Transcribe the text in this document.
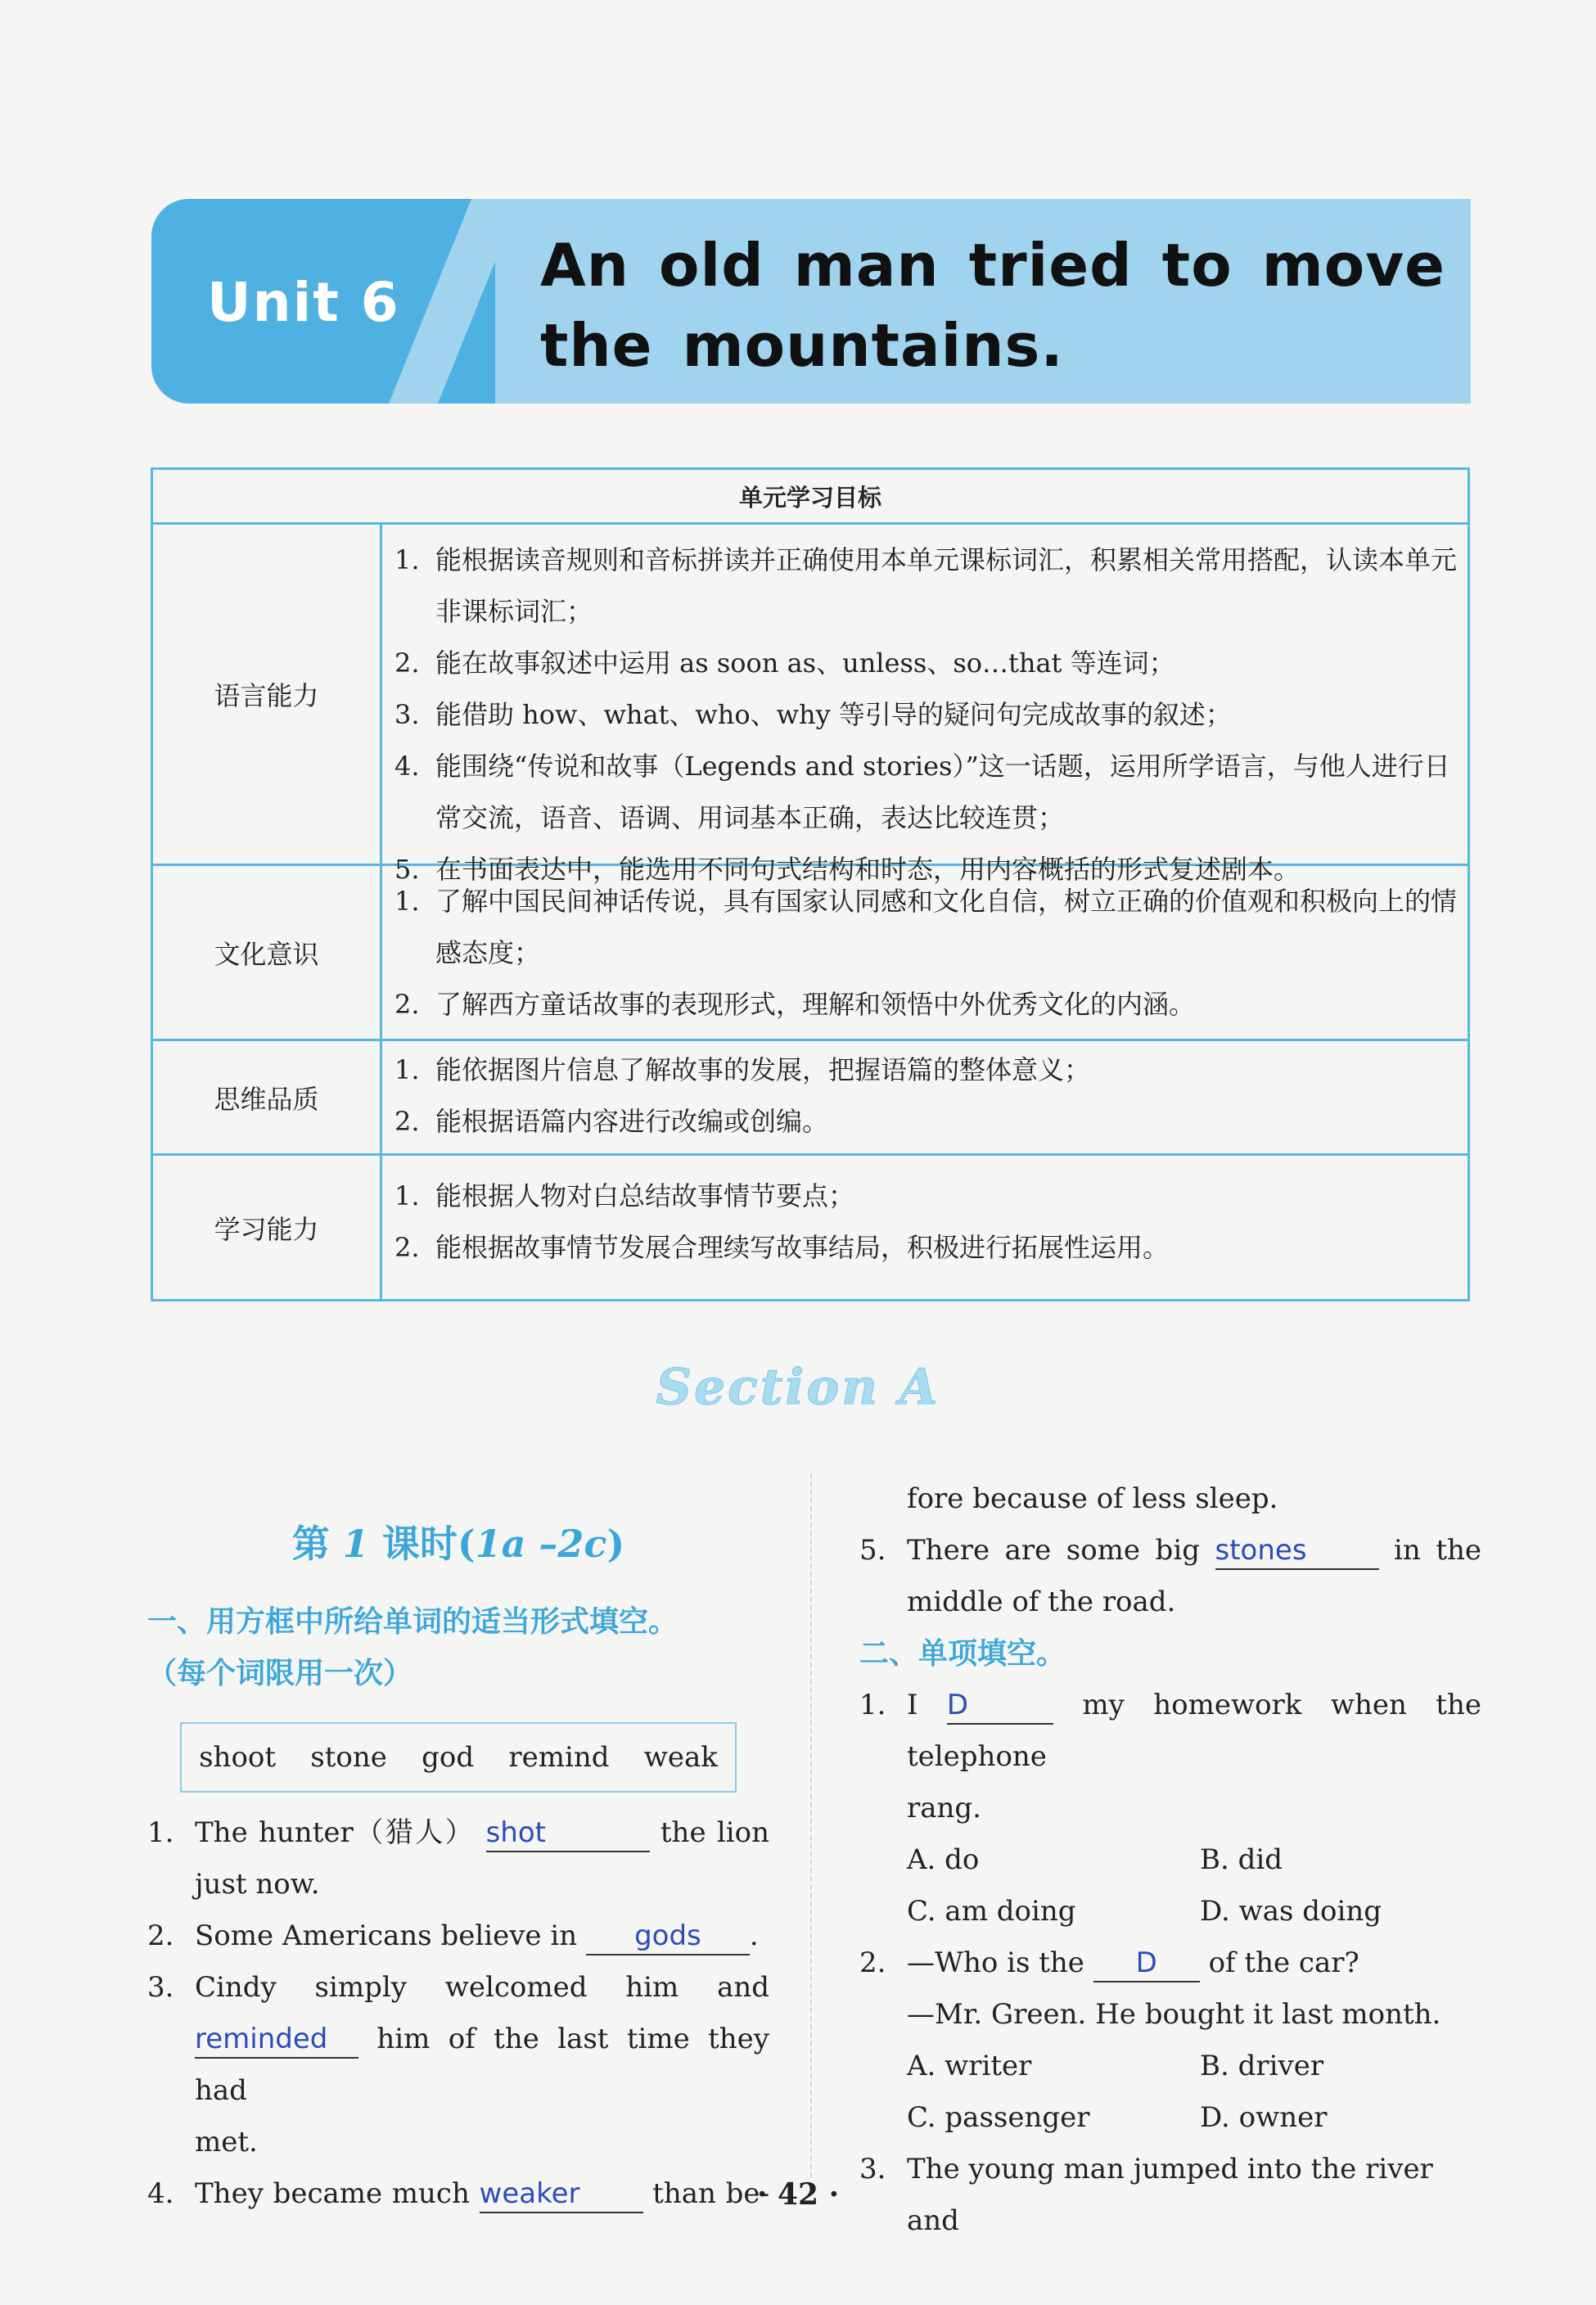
Unit 6
An old man tried to move
the mountains.
单元学习目标
语言能力
1. 能根据读音规则和音标拼读并正确使用本单元课标词汇，积累相关常用搭配，认读本单元非课标词汇；
2. 能在故事叙述中运用 as soon as、unless、so…that 等连词；
3. 能借助 how、what、who、why 等引导的疑问句完成故事的叙述；
4. 能围绕“传说和故事（Legends and stories）”这一话题，运用所学语言，与他人进行日常交流，语音、语调、用词基本正确，表达比较连贯；
5. 在书面表达中，能选用不同句式结构和时态，用内容概括的形式复述剧本。
文化意识
1. 了解中国民间神话传说，具有国家认同感和文化自信，树立正确的价值观和积极向上的情感态度；
2. 了解西方童话故事的表现形式，理解和领悟中外优秀文化的内涵。
思维品质
1. 能依据图片信息了解故事的发展，把握语篇的整体意义；
2. 能根据语篇内容进行改编或创编。
学习能力
1. 能根据人物对白总结故事情节要点；
2. 能根据故事情节发展合理续写故事结局，积极进行拓展性运用。
Section A
第 1 课时(1a –2c)
一、用方框中所给单词的适当形式填空。
（每个词限用一次）
shoot stone god remind weak
1. The hunter（猎人） shot	the lion
just now.
2. Some Americans believe in gods .
3. Cindy simply welcomed him and
reminded him of the last time they had
met.
4. They became much weaker	than be-
fore because of less sleep.
5. There are some big stones	in the
middle of the road.
二、单项填空。
1. I D	my homework when the telephone
rang.
A. do	B. did
C. am doing	D. was doing
2. —Who is the D of the car?
—Mr. Green. He bought it last month.
A. writer	B. driver
C. passenger	D. owner
3. The young man jumped into the river and
· 42 ·
